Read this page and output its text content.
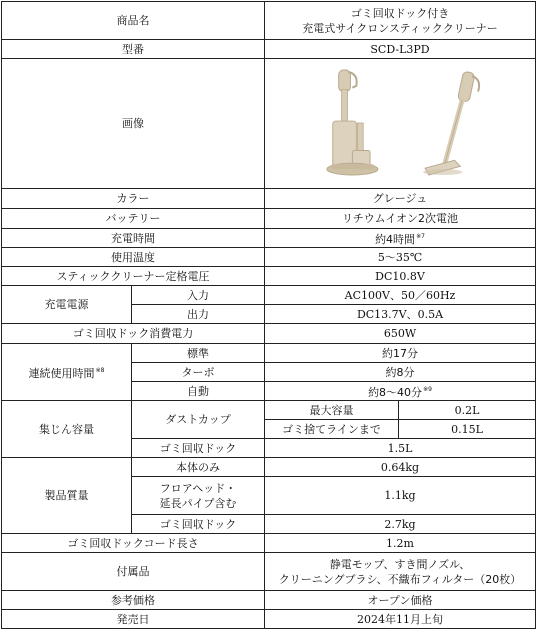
商品名		ゴミ回収ドック付き
充電式サイクロンスティッククリーナー	

型番		SCD-L3PD	
画像	

カラー		グレージュ	
バッテリー		リチウムイオン2次電池	
充電時間		約4時間$^{※7}$
使用温度		5～35℃	
スティッククリーナー定格電圧		DC10.8V	
充電電源	入力	AC100V、50／60Hz	
	出力	DC13.7V、0.5A	
ゴミ回収ドック消費電力		650W	
連続使用時間$^{※8}$	標準	約17分	
	ターボ	約8分	
	自動	約8～40分$^{※9}$
集じん容量	ダストカップ	最大容量	0.2L
		ゴミ捨てラインまで	0.15L
	ゴミ回収ドック	1.5L	
製品質量	本体のみ	0.64kg	

	フロアヘッド・
延長パイプ含む	1.1kg	
	ゴミ回収ドック	2.7kg	
ゴミ回収ドックコード長さ		1.2m	
付属品		静電モップ、すき間ノズル、
クリーニングブラシ、不織布フィルター（20枚）	

参考価格		オープン価格	
発売日		2024年11月上旬	
